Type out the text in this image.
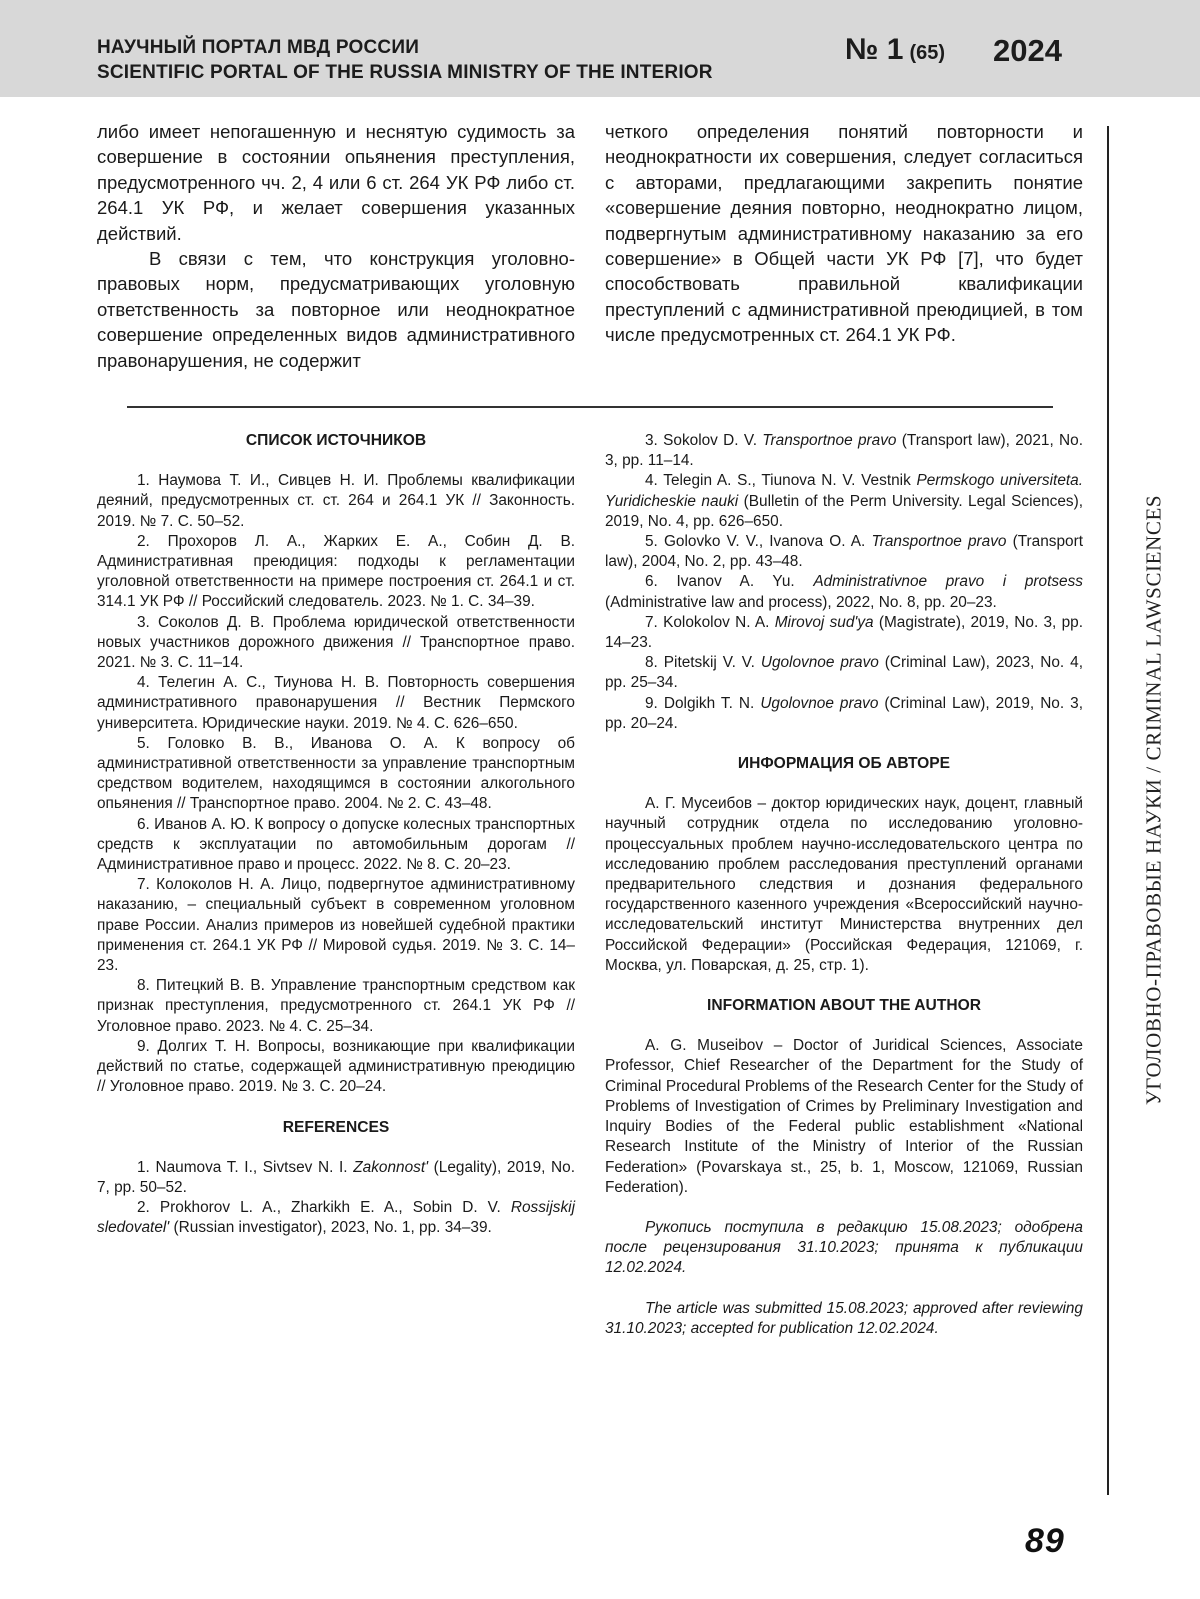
НАУЧНЫЙ ПОРТАЛ МВД РОССИИ
SCIENTIFIC PORTAL OF THE RUSSIA MINISTRY OF THE INTERIOR
№ 1 (65) 2024

либо имеет непогашенную и неснятую судимость за совершение в состоянии опьянения преступления, предусмотренного чч. 2, 4 или 6 ст. 264 УК РФ либо ст. 264.1 УК РФ, и желает совершения указанных действий.

В связи с тем, что конструкция уголовно-правовых норм, предусматривающих уголовную ответственность за повторное или неоднократное совершение определенных видов административного правонарушения, не содержит

четкого определения понятий повторности и неоднократности их совершения, следует согласиться с авторами, предлагающими закрепить понятие «совершение деяния повторно, неоднократно лицом, подвергнутым административному наказанию за его совершение» в Общей части УК РФ [7], что будет способствовать правильной квалификации преступлений с административной преюдицией, в том числе предусмотренных ст. 264.1 УК РФ.

УГОЛОВНО-ПРАВОВЫЕ НАУКИ / CRIMINAL LAWSCIENCES
СПИСОК ИСТОЧНИКОВ

1. Наумова Т. И., Сивцев Н. И. Проблемы квалификации деяний, предусмотренных ст. ст. 264 и 264.1 УК // Законность. 2019. № 7. С. 50–52.

2. Прохоров Л. А., Жарких Е. А., Собин Д. В. Административная преюдиция: подходы к регламентации уголовной ответственности на примере построения ст. 264.1 и ст. 314.1 УК РФ // Российский следователь. 2023. № 1. С. 34–39.

3. Соколов Д. В. Проблема юридической ответственности новых участников дорожного движения // Транспортное право. 2021. № 3. С. 11–14.

4. Телегин А. С., Тиунова Н. В. Повторность совершения административного правонарушения // Вестник Пермского университета. Юридические науки. 2019. № 4. С. 626–650.

5. Головко В. В., Иванова О. А. К вопросу об административной ответственности за управление транспортным средством водителем, находящимся в состоянии алкогольного опьянения // Транспортное право. 2004. № 2. С. 43–48.

6. Иванов А. Ю. К вопросу о допуске колесных транспортных средств к эксплуатации по автомобильным дорогам // Административное право и процесс. 2022. № 8. С. 20–23.

7. Колоколов Н. А. Лицо, подвергнутое административному наказанию, – специальный субъект в современном уголовном праве России. Анализ примеров из новейшей судебной практики применения ст. 264.1 УК РФ // Мировой судья. 2019. № 3. С. 14–23.

8. Питецкий В. В. Управление транспортным средством как признак преступления, предусмотренного ст. 264.1 УК РФ // Уголовное право. 2023. № 4. С. 25–34.

9. Долгих Т. Н. Вопросы, возникающие при квалификации действий по статье, содержащей административную преюдицию // Уголовное право. 2019. № 3. С. 20–24.

REFERENCES

1. Naumova T. I., Sivtsev N. I. Zakonnost' (Legality), 2019, No. 7, pp. 50–52.

2. Prokhorov L. A., Zharkikh E. A., Sobin D. V. Rossijskij sledovatel' (Russian investigator), 2023, No. 1, pp. 34–39.

3. Sokolov D. V. Transportnoe pravo (Transport law), 2021, No. 3, pp. 11–14.

4. Telegin A. S., Tiunova N. V. Vestnik Permskogo universiteta. Yuridicheskie nauki (Bulletin of the Perm University. Legal Sciences), 2019, No. 4, pp. 626–650.

5. Golovko V. V., Ivanova O. A. Transportnoe pravo (Transport law), 2004, No. 2, pp. 43–48.

6. Ivanov A. Yu. Administrativnoe pravo i protsess (Administrative law and process), 2022, No. 8, pp. 20–23.

7. Kolokolov N. A. Mirovoj sud'ya (Magistrate), 2019, No. 3, pp. 14–23.

8. Pitetskij V. V. Ugolovnoe pravo (Criminal Law), 2023, No. 4, pp. 25–34.

9. Dolgikh T. N. Ugolovnoe pravo (Criminal Law), 2019, No. 3, pp. 20–24.

ИНФОРМАЦИЯ ОБ АВТОРЕ

А. Г. Мусеибов – доктор юридических наук, доцент, главный научный сотрудник отдела по исследованию уголовно-процессуальных проблем научно-исследовательского центра по исследованию проблем расследования преступлений органами предварительного следствия и дознания федерального государственного казенного учреждения «Всероссийский научно-исследовательский институт Министерства внутренних дел Российской Федерации» (Российская Федерация, 121069, г. Москва, ул. Поварская, д. 25, стр. 1).

INFORMATION ABOUT THE AUTHOR

A. G. Museibov – Doctor of Juridical Sciences, Associate Professor, Chief Researcher of the Department for the Study of Criminal Procedural Problems of the Research Center for the Study of Problems of Investigation of Crimes by Preliminary Investigation and Inquiry Bodies of the Federal public establishment «National Research Institute of the Ministry of Interior of the Russian Federation» (Povarskaya st., 25, b. 1, Moscow, 121069, Russian Federation).

Рукопись поступила в редакцию 15.08.2023; одобрена после рецензирования 31.10.2023; принята к публикации 12.02.2024.

The article was submitted 15.08.2023; approved after reviewing 31.10.2023; accepted for publication 12.02.2024.

89
